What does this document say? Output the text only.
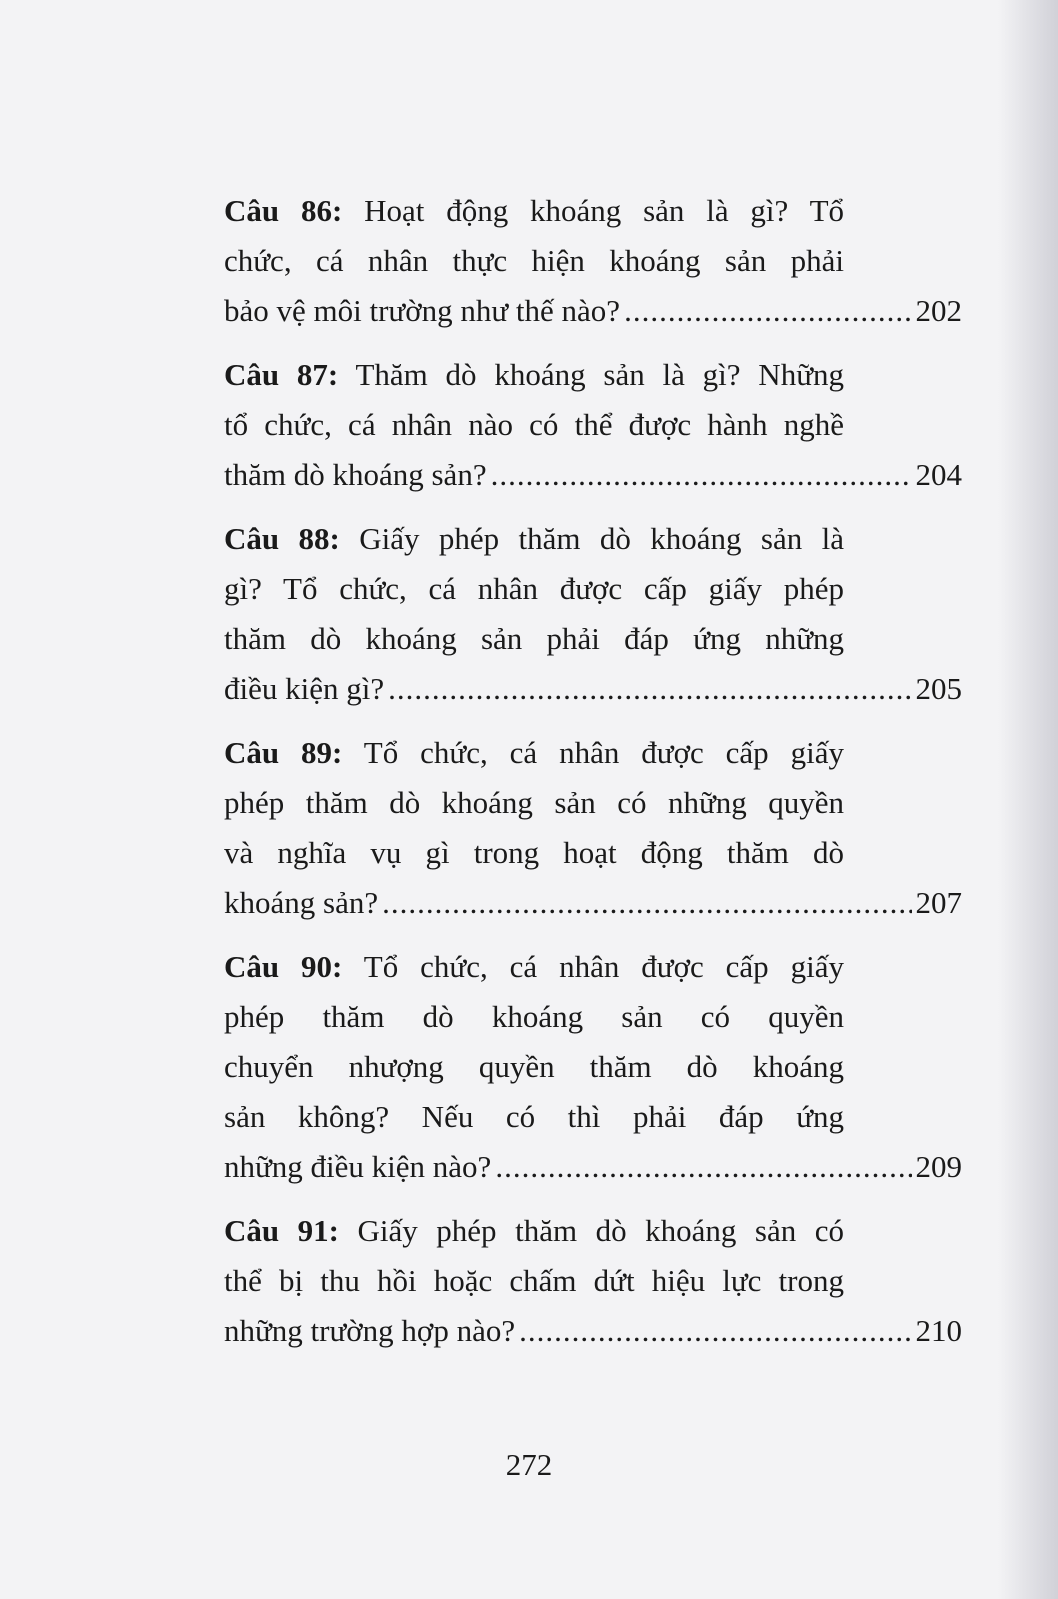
Câu 86: Hoạt động khoáng sản là gì? Tổ
chức, cá nhân thực hiện khoáng sản phải
bảo vệ môi trường như thế nào? .....	202
Câu 87: Thăm dò khoáng sản là gì? Những
tổ chức, cá nhân nào có thể được hành nghề
thăm dò khoáng sản? .....	204
Câu 88: Giấy phép thăm dò khoáng sản là
gì? Tổ chức, cá nhân được cấp giấy phép
thăm dò khoáng sản phải đáp ứng những
điều kiện gì? .....	205
Câu 89: Tổ chức, cá nhân được cấp giấy
phép thăm dò khoáng sản có những quyền
và nghĩa vụ gì trong hoạt động thăm dò
khoáng sản? .....	207
Câu 90: Tổ chức, cá nhân được cấp giấy
phép thăm dò khoáng sản có quyền
chuyển nhượng quyền thăm dò khoáng
sản không? Nếu có thì phải đáp ứng
những điều kiện nào? .....	209
Câu 91: Giấy phép thăm dò khoáng sản có
thể bị thu hồi hoặc chấm dứt hiệu lực trong
những trường hợp nào? .....	210
272
